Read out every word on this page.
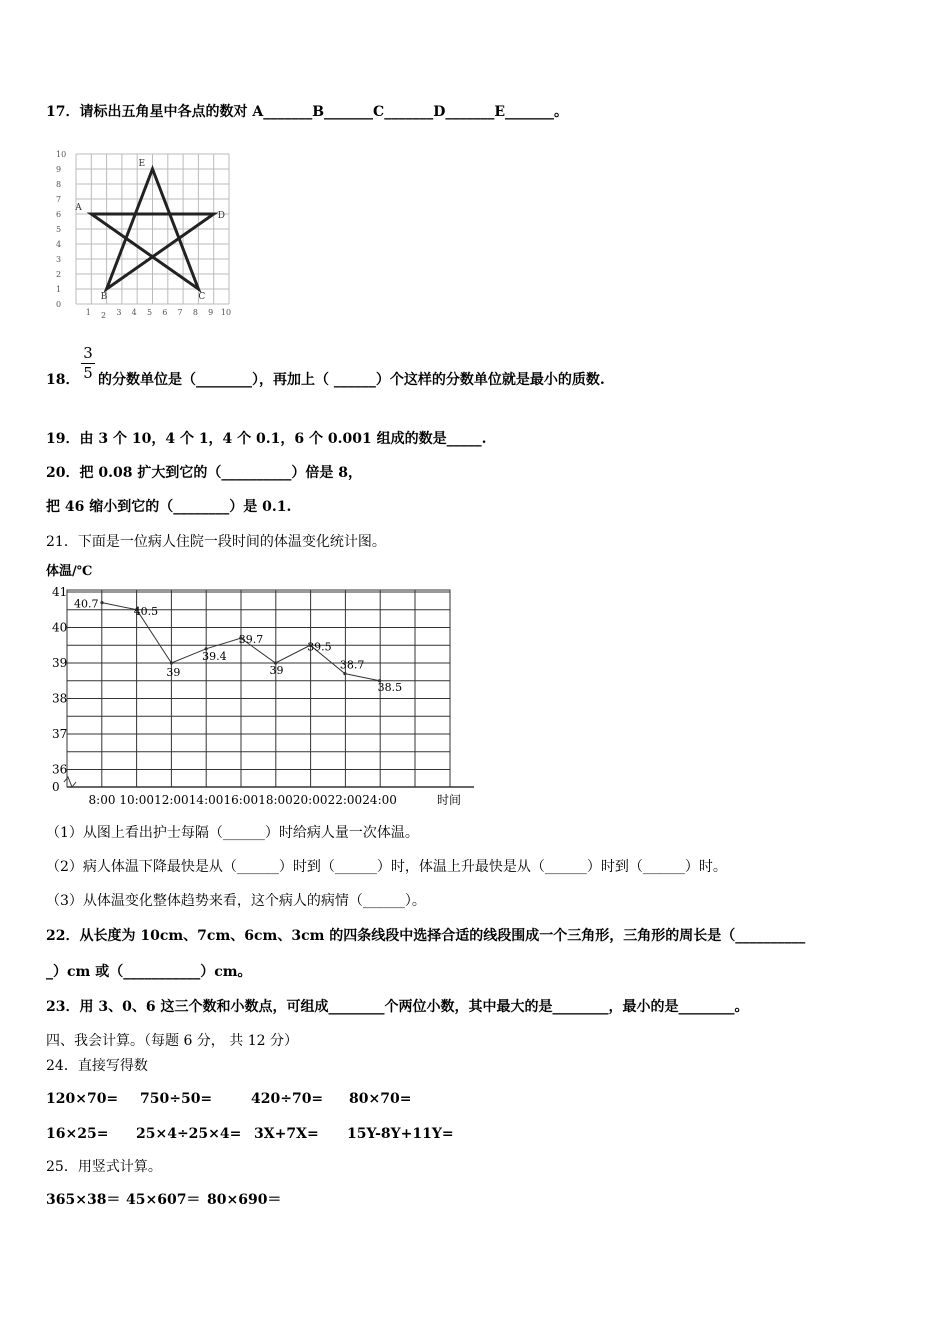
17．请标出五角星中各点的数对 A_______B_______C_______D_______E_______。
10
9
8
7
6
5
4
3
2
1
0
1 2 3 4 5 6 7 8 9 10
A
B	C
D
E
18．
3
5 的分数单位是（________），再加上（ ______）个这样的分数单位就是最小的质数.
19．由 3 个 10，4 个 1，4 个 0.1，6 个 0.001 组成的数是_____.
20．把 0.08 扩大到它的（__________）倍是 8，
把 46 缩小到它的（________）是 0.1.
21．下面是一位病人住院一段时间的体温变化统计图。
体温/℃
41
40
39
38
37
36
0
8:00 10:00 12:00 14:00 16:00 18:00 20:00 22:00 24:00
40.7
40.5
39
39.4
39.7
39
39.5
38.7
38.5
时间
（1）从图上看出护士每隔（______）时给病人量一次体温。
（2）病人体温下降最快是从（______）时到（______）时，体温上升最快是从（______）时到（______）时。
（3）从体温变化整体趋势来看，这个病人的病情（______）。
22．从长度为 10cm、7cm、6cm、3cm 的四条线段中选择合适的线段围成一个三角形，三角形的周长是（__________
_）cm 或（___________）cm。
23．用 3、0、6 这三个数和小数点，可组成________个两位小数，其中最大的是________，最小的是________。
四、我会计算。（每题 6 分， 共 12 分）
24．直接写得数
120×70= 750÷50=	420÷70= 80×70=
16×25= 25×4÷25×4= 3X+7X= 15Y-8Y+11Y=
25．用竖式计算。
365×38＝ 45×607＝ 80×690＝
